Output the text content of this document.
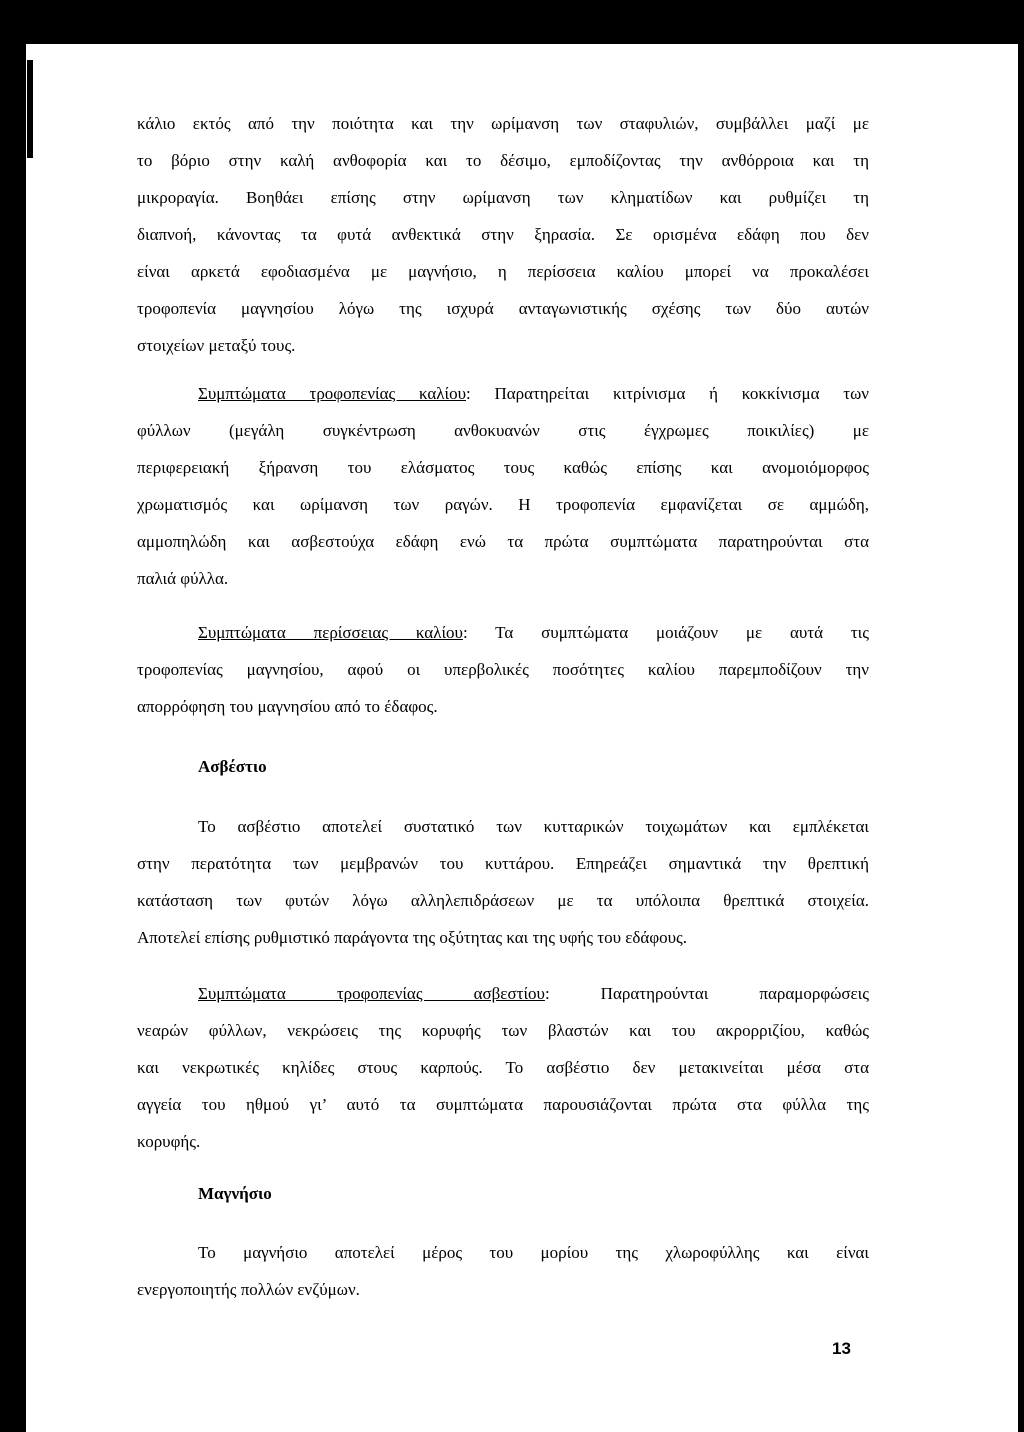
κάλιο εκτός από την ποιότητα και την ωρίμανση των σταφυλιών, συμβάλλει μαζί με
το βόριο στην καλή ανθοφορία και το δέσιμο, εμποδίζοντας την ανθόρροια και τη
μικροραγία. Βοηθάει επίσης στην ωρίμανση των κληματίδων και ρυθμίζει τη
διαπνοή, κάνοντας τα φυτά ανθεκτικά στην ξηρασία. Σε ορισμένα εδάφη που δεν
είναι αρκετά εφοδιασμένα με μαγνήσιο, η περίσσεια καλίου μπορεί να προκαλέσει
τροφοπενία μαγνησίου λόγω της ισχυρά ανταγωνιστικής σχέσης των δύο αυτών
στοιχείων μεταξύ τους.
Συμπτώματα τροφοπενίας καλίου: Παρατηρείται κιτρίνισμα ή κοκκίνισμα των
φύλλων (μεγάλη συγκέντρωση ανθοκυανών στις έγχρωμες ποικιλίες) με
περιφερειακή ξήρανση του ελάσματος τους καθώς επίσης και ανομοιόμορφος
χρωματισμός και ωρίμανση των ραγών. Η τροφοπενία εμφανίζεται σε αμμώδη,
αμμοπηλώδη και ασβεστούχα εδάφη ενώ τα πρώτα συμπτώματα παρατηρούνται στα
παλιά φύλλα.
Συμπτώματα περίσσειας καλίου: Τα συμπτώματα μοιάζουν με αυτά τις
τροφοπενίας μαγνησίου, αφού οι υπερβολικές ποσότητες καλίου παρεμποδίζουν την
απορρόφηση του μαγνησίου από το έδαφος.
Ασβέστιο
Το ασβέστιο αποτελεί συστατικό των κυτταρικών τοιχωμάτων και εμπλέκεται
στην περατότητα των μεμβρανών του κυττάρου. Επηρεάζει σημαντικά την θρεπτική
κατάσταση των φυτών λόγω αλληλεπιδράσεων με τα υπόλοιπα θρεπτικά στοιχεία.
Αποτελεί επίσης ρυθμιστικό παράγοντα της οξύτητας και της υφής του εδάφους.
Συμπτώματα τροφοπενίας ασβεστίου: Παρατηρούνται παραμορφώσεις
νεαρών φύλλων, νεκρώσεις της κορυφής των βλαστών και του ακρορριζίου, καθώς
και νεκρωτικές κηλίδες στους καρπούς. Το ασβέστιο δεν μετακινείται μέσα στα
αγγεία του ηθμού γι’ αυτό τα συμπτώματα παρουσιάζονται πρώτα στα φύλλα της
κορυφής.
Μαγνήσιο
Το μαγνήσιο αποτελεί μέρος του μορίου της χλωροφύλλης και είναι
ενεργοποιητής πολλών ενζύμων.
13
